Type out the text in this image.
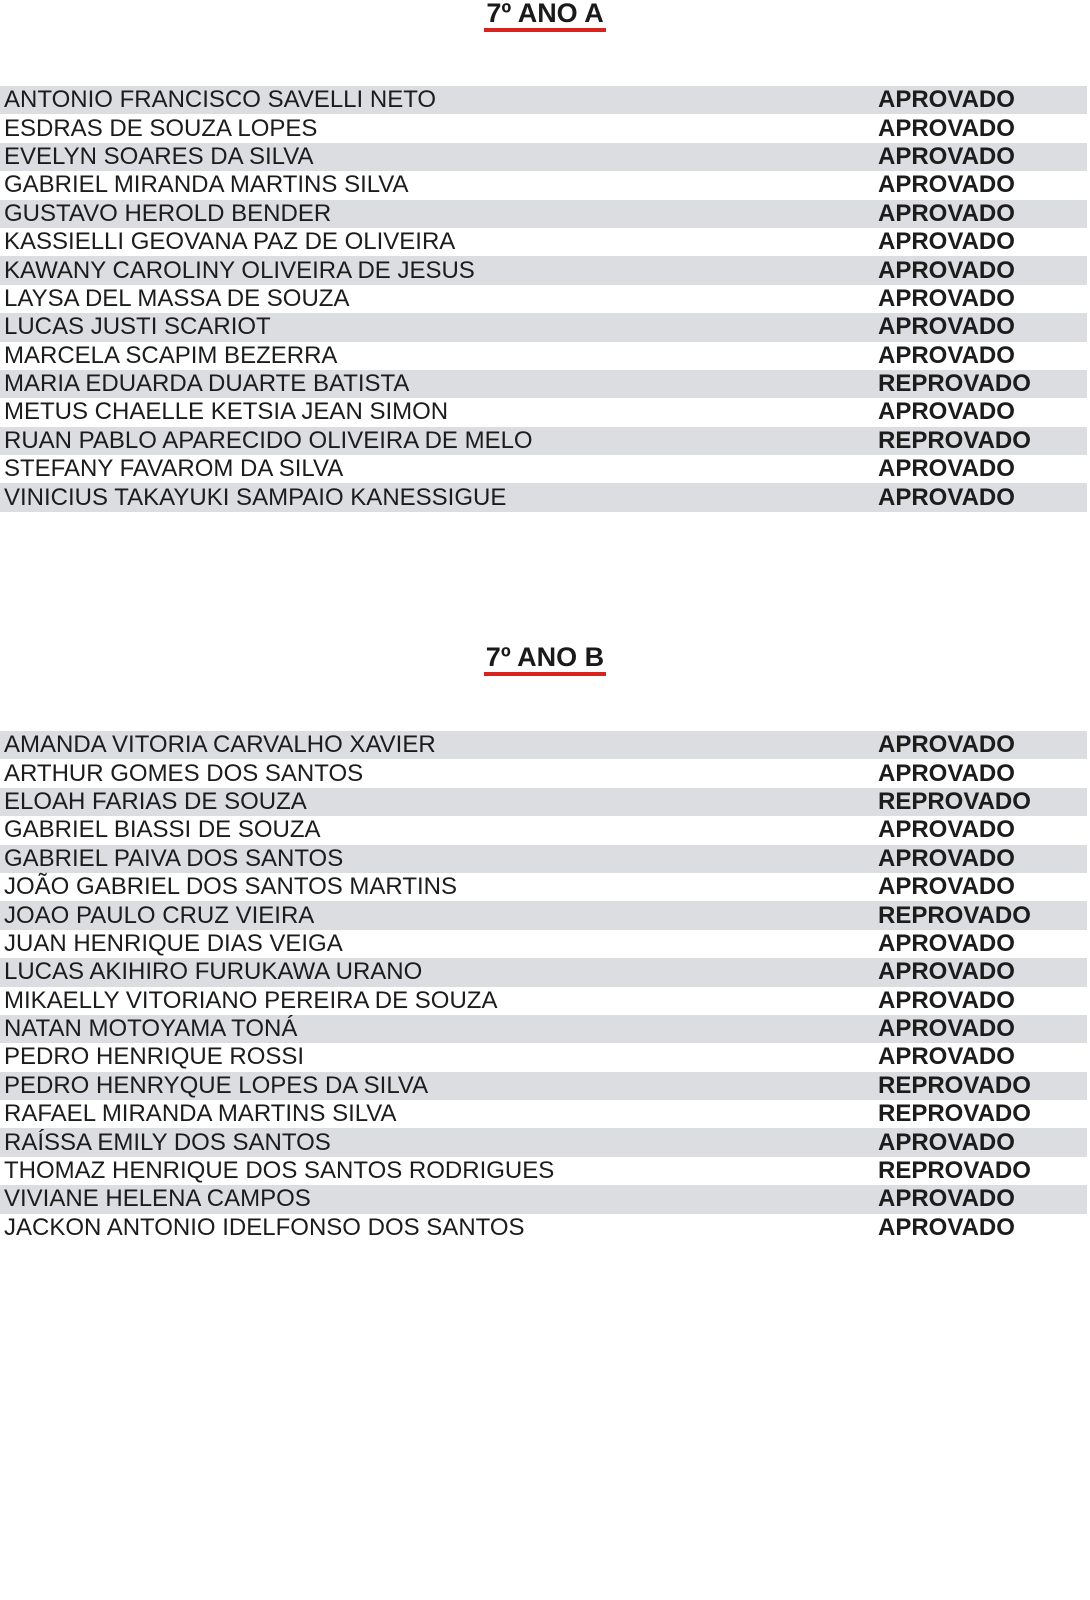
7º ANO A
ANTONIO FRANCISCO SAVELLI NETO	APROVADO
ESDRAS DE SOUZA LOPES	APROVADO
EVELYN SOARES DA SILVA	APROVADO
GABRIEL MIRANDA MARTINS SILVA	APROVADO
GUSTAVO HEROLD BENDER	APROVADO
KASSIELLI GEOVANA PAZ DE OLIVEIRA	APROVADO
KAWANY CAROLINY OLIVEIRA DE JESUS	APROVADO
LAYSA DEL MASSA DE SOUZA	APROVADO
LUCAS JUSTI SCARIOT	APROVADO
MARCELA SCAPIM BEZERRA	APROVADO
MARIA EDUARDA DUARTE BATISTA	REPROVADO
METUS CHAELLE KETSIA JEAN SIMON	APROVADO
RUAN PABLO APARECIDO OLIVEIRA DE MELO	REPROVADO
STEFANY FAVAROM DA SILVA	APROVADO
VINICIUS TAKAYUKI SAMPAIO KANESSIGUE	APROVADO
7º ANO B
AMANDA VITORIA CARVALHO XAVIER	APROVADO
ARTHUR GOMES DOS SANTOS	APROVADO
ELOAH FARIAS DE SOUZA	REPROVADO
GABRIEL BIASSI DE SOUZA	APROVADO
GABRIEL PAIVA DOS SANTOS	APROVADO
JOÃO GABRIEL DOS SANTOS MARTINS	APROVADO
JOAO PAULO CRUZ VIEIRA	REPROVADO
JUAN HENRIQUE DIAS VEIGA	APROVADO
LUCAS AKIHIRO FURUKAWA URANO	APROVADO
MIKAELLY VITORIANO PEREIRA DE SOUZA	APROVADO
NATAN MOTOYAMA TONÁ	APROVADO
PEDRO HENRIQUE ROSSI	APROVADO
PEDRO HENRYQUE LOPES DA SILVA	REPROVADO
RAFAEL MIRANDA MARTINS SILVA	REPROVADO
RAÍSSA EMILY DOS SANTOS	APROVADO
THOMAZ HENRIQUE DOS SANTOS RODRIGUES	REPROVADO
VIVIANE HELENA CAMPOS	APROVADO
JACKON ANTONIO IDELFONSO DOS SANTOS	APROVADO
